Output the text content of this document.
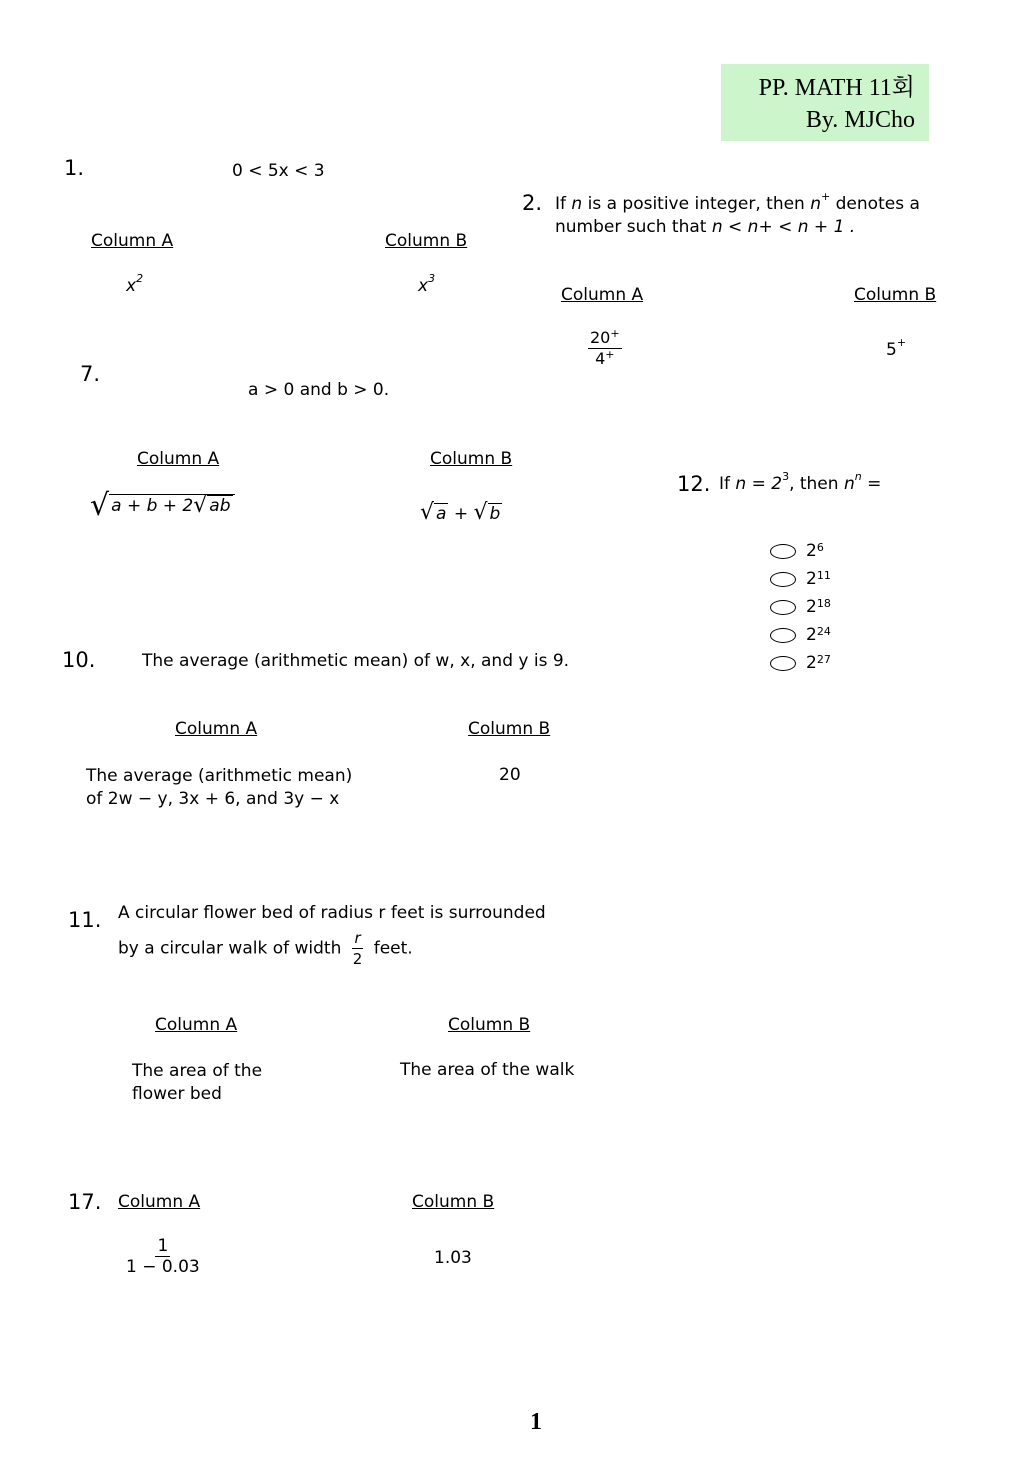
PP. MATH 11회
By. MJCho
1.	0 < 5x < 3
Column A	Column B
$x^2$	$x^3$
2. If n is a positive integer, then n+ denotes a
number such that n < n+ < n + 1 .
Column A	Column B
$\frac{20^+}{4^+}$	5+
7.
a > 0 and b > 0.
Column A	Column B
√ a + b + 2√ ab	√ a + √ b
12. If $n = 2^3$, then $n^n$ =
$2^6$
$2^{11}$
$2^{18}$
$2^{24}$
$2^{27}$
10.	The average (arithmetic mean) of w, x, and y is 9.
Column A	Column B
The average (arithmetic mean)
of 2w − y, 3x + 6, and 3y − x
20
11. A circular flower bed of radius r feet is surrounded
by a circular walk of width $\frac{r}{2}$ feet.
Column A	Column B
The area of the
flower bed
The area of the walk
17. Column A	Column B
$\frac{1}{1 - 0.03}$	1.03
1
